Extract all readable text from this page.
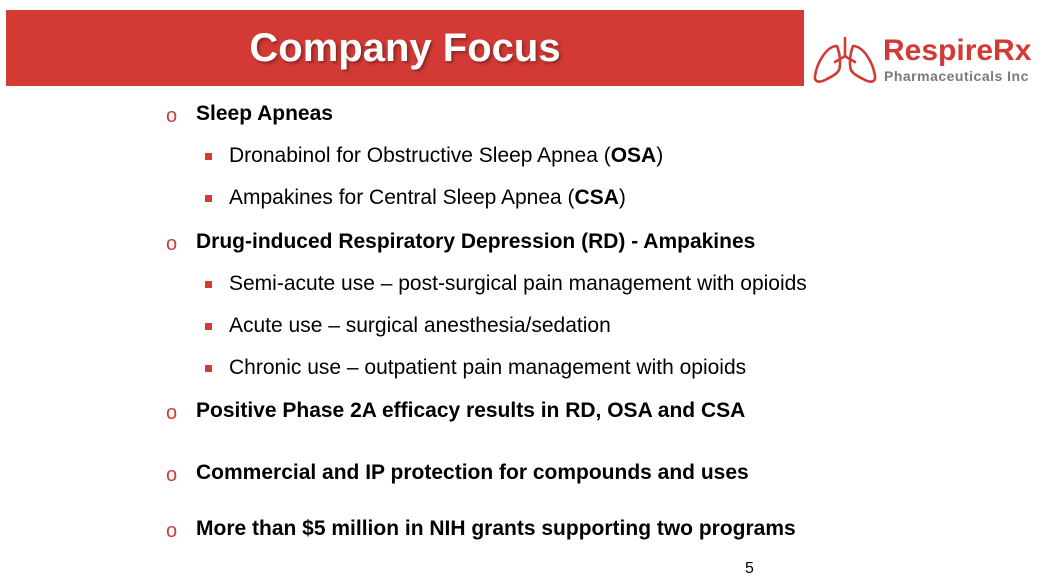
Company Focus	RespireRx
Pharmaceuticals Inc
o Sleep Apneas
Dronabinol for Obstructive Sleep Apnea (OSA)
Ampakines for Central Sleep Apnea (CSA)
o Drug-induced Respiratory Depression (RD) - Ampakines
Semi-acute use – post-surgical pain management with opioids
Acute use – surgical anesthesia/sedation
Chronic use – outpatient pain management with opioids
o Positive Phase 2A efficacy results in RD, OSA and CSA
o Commercial and IP protection for compounds and uses
o More than $5 million in NIH grants supporting two programs
5
